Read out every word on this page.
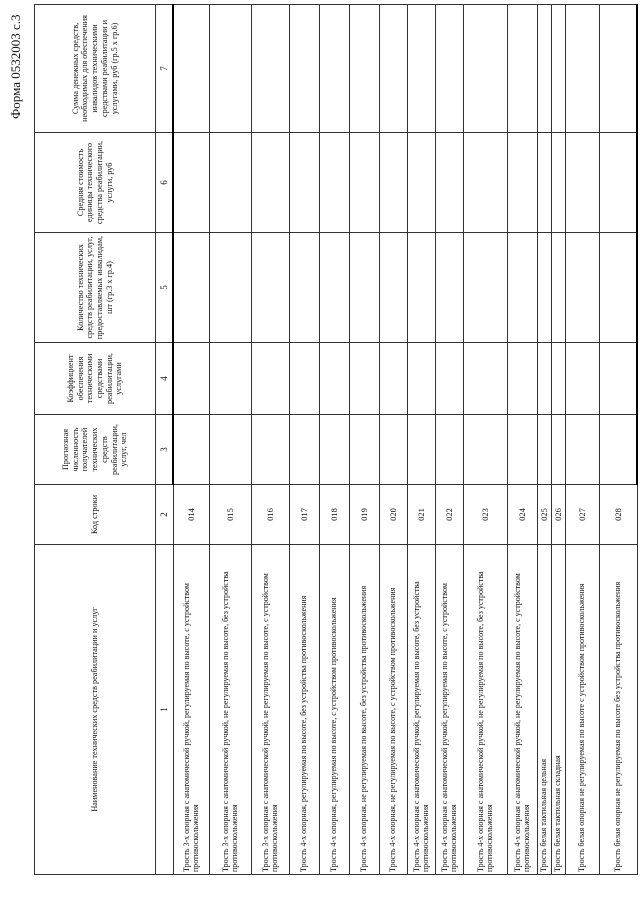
Форма 0532003 с.3
Наименование технических средств реабилитации и услуг	Код строки	Прогнозная численность получателей технических средств реабилитации, услуг, чел	Коэффициент обеспечения техническими средствами реабилитации, услугами	Количество технических средств реабилитации, услуг, предоставляемых инвалидам, шт (гр.3 х гр.4)	Средняя стоимость единицы технического средства реабилитации, услуги, руб	Сумма денежных средств, необходимых для обеспечения инвалидов техническими средствами реабилитации и услугами, руб (гр.5 х гр.6)
1	2	3	4	5	6	7
Трость 3-х опорная с анатомической ручкой, регулируемая по высоте, с устройством противоскольжения	014					
Трость 3-х опорная с анатомической ручкой, не регулируемая по высоте, без устройства противоскольжения	015					
Трость 3-х опорная с анатомической ручкой, не регулируемая по высоте, с устройством противоскольжения	016					
Трость 4-х опорная, регулируемая по высоте, без устройства противоскольжения	017					
Трость 4-х опорная, регулируемая по высоте, с устройством противоскольжения	018					
Трость 4-х опорная, не регулируемая по высоте, без устройства противоскольжения	019					
Трость 4-х опорная, не регулируемая по высоте, с устройством противоскольжения	020					
Трость 4-х опорная с анатомической ручкой, регулируемая по высоте, без устройства противоскольжения	021					
Трость 4-х опорная с анатомической ручкой, регулируемая по высоте, с устройством противоскольжения	022					
Трость 4-х опорная с анатомической ручкой, не регулируемая по высоте, без устройства противоскольжения	023					
Трость 4-х опорная с анатомической ручкой, не регулируемая по высоте, с устройством противоскольжения	024					
Трость белая тактильная цельная	025					
Трость белая тактильная складная	026					
Трость белая опорная не регулируемая по высоте с устройством противоскольжения	027					
Трость белая опорная не регулируемая по высоте без устройства противоскольжения	028					
